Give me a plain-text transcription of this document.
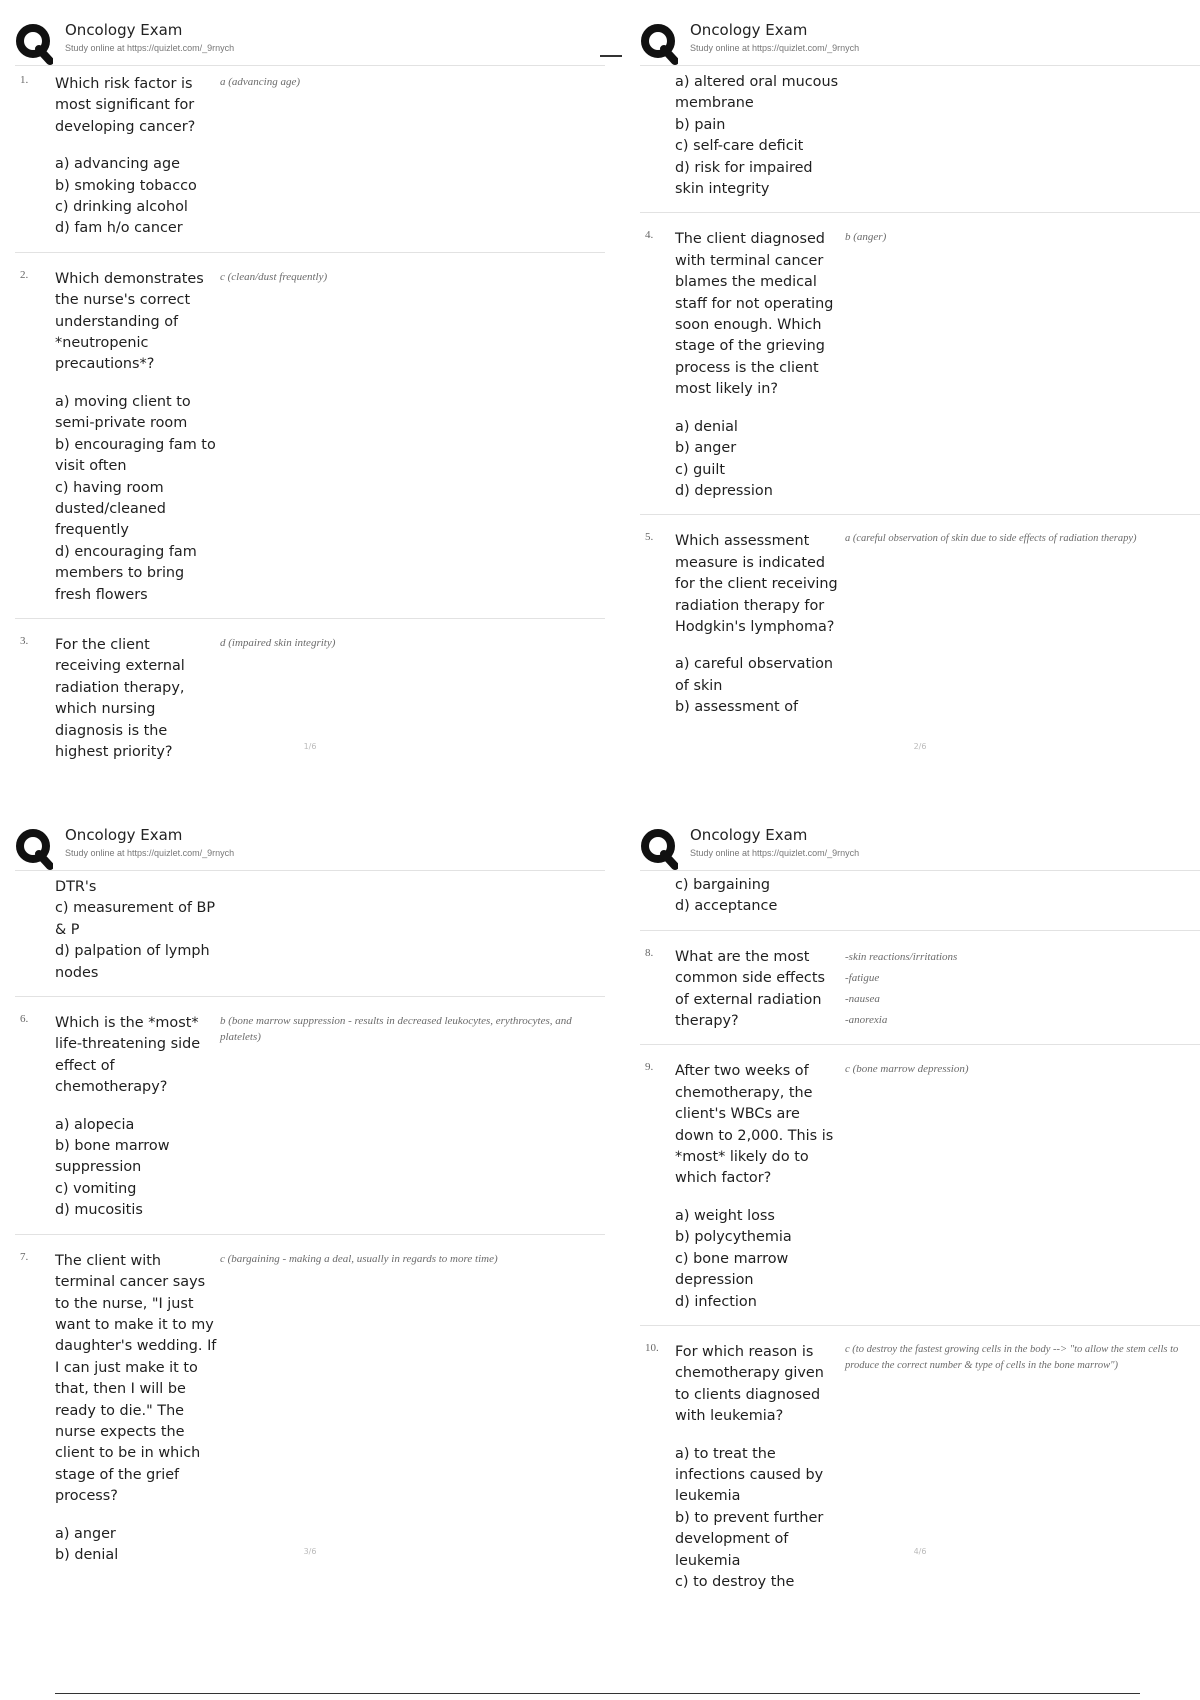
Oncology Exam
Study online at https://quizlet.com/_9rnych
1.	Which risk factor is most significant for developing cancer?
a (advancing age)
a) advancing age
b) smoking tobacco
c) drinking alcohol
d) fam h/o cancer
2.	Which demonstrates the nurse's correct understanding of *neutropenic precautions*?
c (clean/dust frequently)
a) moving client to semi-private room
b) encouraging fam to visit often
c) having room dusted/cleaned frequently
d) encouraging fam members to bring fresh flowers
3.	For the client receiving external radiation therapy, which nursing diagnosis is the highest priority?
d (impaired skin integrity)
1/6
Oncology Exam
Study online at https://quizlet.com/_9rnych
a) altered oral mucous membrane
b) pain
c) self-care deficit
d) risk for impaired skin integrity
4.	The client diagnosed with terminal cancer blames the medical staff for not operating soon enough. Which stage of the grieving process is the client most likely in?
b (anger)
a) denial
b) anger
c) guilt
d) depression
5.	Which assessment measure is indicated for the client receiving radiation therapy for Hodgkin's lymphoma?
a (careful observation of skin due to side effects of radiation therapy)
a) careful observation of skin
b) assessment of
2/6
Oncology Exam
Study online at https://quizlet.com/_9rnych
DTR's
c) measurement of BP & P
d) palpation of lymph nodes
6.	Which is the *most* life-threatening side effect of chemotherapy?
b (bone marrow suppression - results in decreased leukocytes, erythrocytes, and platelets)
a) alopecia
b) bone marrow suppression
c) vomiting
d) mucositis
7.	The client with terminal cancer says to the nurse, "I just want to make it to my daughter's wedding. If I can just make it to that, then I will be ready to die." The nurse expects the client to be in which stage of the grief process?
c (bargaining - making a deal, usually in regards to more time)
a) anger
b) denial	3/6
Oncology Exam
Study online at https://quizlet.com/_9rnych
c) bargaining
d) acceptance
8.	What are the most common side effects of external radiation therapy?
-skin reactions/irritations
-fatigue
-nausea
-anorexia
9.	After two weeks of chemotherapy, the client's WBCs are down to 2,000. This is *most* likely do to which factor?
c (bone marrow depression)
a) weight loss
b) polycythemia
c) bone marrow depression
d) infection
10.	For which reason is chemotherapy given to clients diagnosed with leukemia?
c (to destroy the fastest growing cells in the body --> "to allow the stem cells to produce the correct number & type of cells in the bone marrow")
a) to treat the infections caused by leukemia
b) to prevent further development of leukemia
c) to destroy the
4/6
